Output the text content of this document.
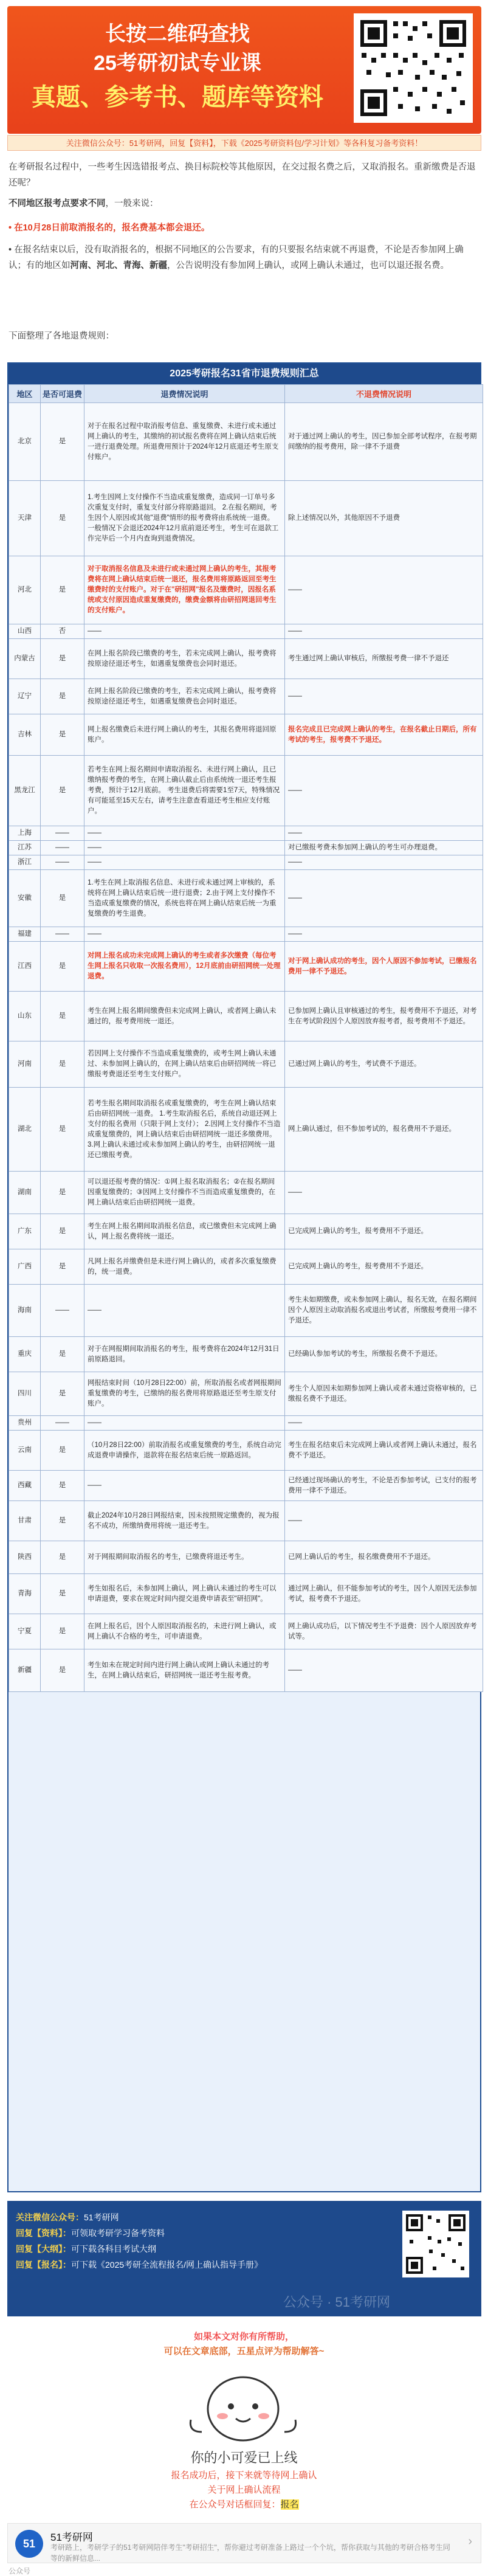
长按二维码查找
25考研初试专业课
真题、参考书、题库等资料
关注微信公众号：51考研网，回复【资料】，下载《2025考研资料包/学习计划》等各科复习备考资料！

在考研报名过程中，一些考生因选错报考点、换目标院校等其他原因，在交过报名费之后，又取消报名。重新缴费是否退还呢？

不同地区报考点要求不同，一般来说：

• 在10月28日前取消报名的，报名费基本都会退还。

• 在报名结束以后，没有取消报名的，根据不同地区的公告要求，有的只要报名结束就不再退费，不论是否参加网上确认；有的地区如河南、河北、青海、新疆，公告说明没有参加网上确认，或网上确认未通过，也可以退还报名费。

下面整理了各地退费规则：

2025考研报名31省市退费规则汇总
地区	是否可退费	退费情况说明	不退费情况说明
北京	是	对于在报名过程中取消报考信息、重复缴费、未进行或未通过网上确认的考生，其缴纳的初试报名费将在网上确认结束后统一进行退费处理。所退费用预计于2024年12月底退还考生原支付账户。	对于通过网上确认的考生，因已参加全部考试程序，在报考期间缴纳的报考费用，除一律不予退费
天津	是	1.考生因网上支付操作不当造成重复缴费，造成同一订单号多次重复支付时，重复支付部分将原路退回。 2.在报名期间，考生因个人原因或其他"退费"情形的报考费将由系统统一退费。 一般情况下会退还2024年12月底前退还考生，考生可在退款工作完毕后一个月内查询到退费情况。	除上述情况以外，其他原因不予退费
河北	是	对于取消报名信息及未进行或未通过网上确认的考生，其报考费将在网上确认结束后统一退还，报名费用将原路返回至考生缴费时的支付账户。对于在"研招网"报名及缴费时，因报名系统或支付原因造成重复缴费的，缴费金额将由研招网退回考生的支付账户。	——
山西	否	——	——
内蒙古	是	在网上报名阶段已缴费的考生，若未完成网上确认，报考费将按原途径退还考生，如遇重复缴费也会同时退还。	考生通过网上确认审核后，所缴报考费一律不予退还
辽宁	是	在网上报名阶段已缴费的考生，若未完成网上确认，报考费将按原途径退还考生，如遇重复缴费也会同时退还。	——
吉林	是	网上报名缴费后未进行网上确认的考生，其报名费用将退回原账户。	报名完成且已完成网上确认的考生，在报名截止日期后，所有考试的考生，报考费不予退还。
黑龙江	是	若考生在网上报名期间申请取消报名、未进行网上确认，且已缴纳报考费的考生，在网上确认截止后由系统统一退还考生报考费，预计于12月底前。 考生退费后将需要1至7天，特殊情况有可能延至15天左右，请考生注意查看退还考生相应支付账户。	——
上海	——	——	——
江苏	——	——	对已缴报考费未参加网上确认的考生可办理退费。
浙江	——	——	——
安徽	是	1.考生在网上取消报名信息、未进行或未通过网上审核的，系统将在网上确认结束后统一进行退费；2.由于网上支付操作不当造成重复缴费的情况，系统也将在网上确认结束后统一为重复缴费的考生退费。	——
福建	——	——	——
江西	是	对网上报名成功未完成网上确认的考生或者多次缴费（每位考生网上报名只收取一次报名费用），12月底前由研招网统一处理退费。	对于网上确认成功的考生，因个人原因不参加考试，已缴报名费用一律不予退还。
山东	是	考生在网上报名期间缴费但未完成网上确认，或者网上确认未通过的，报考费用统一退还。	已参加网上确认且审核通过的考生，报考费用不予退还，对考生在考试阶段因个人原因放弃报考者，报考费用不予退还。
河南	是	若因网上支付操作不当造成重复缴费的，或考生网上确认未通过、未参加网上确认的，在网上确认结束后由研招网统一将已缴报考费退还至考生支付账户。	已通过网上确认的考生，考试费不予退还。
湖北	是	若考生报名期间取消报名或重复缴费的，考生在网上确认结束后由研招网统一退费。 1.考生取消报名后，系统自动退还网上支付的报名费用（只限于网上支付）； 2.因网上支付操作不当造成重复缴费的，网上确认结束后由研招网统一退还多缴费用。 3.网上确认未通过或未参加网上确认的考生，由研招网统一退还已缴报考费。	网上确认通过，但不参加考试的，报名费用不予退还。
湖南	是	可以退还报考费的情况：①网上报名取消报名；②在报名期间因重复缴费的；③因网上支付操作不当而造成重复缴费的，在网上确认结束后由研招网统一退费。	——
广东	是	考生在网上报名期间取消报名信息，或已缴费但未完成网上确认，网上报名费将统一退还。	已完成网上确认的考生，报考费用不予退还。
广西	是	凡网上报名并缴费但是未进行网上确认的，或者多次重复缴费的，统一退费。	已完成网上确认的考生，报考费用不予退还。
海南	——	——	考生未如期缴费，或未参加网上确认，报名无效，在报名期间因个人原因主动取消报名或退出考试者，所缴报考费用一律不予退还。
重庆	是	对于在网报期间取消报名的考生，报考费将在2024年12月31日前原路退回。	已经确认参加考试的考生，所缴报名费不予退还。
四川	是	网报结束时间（10月28日22:00）前，所取消报名或者网报期间重复缴费的考生，已缴纳的报名费用将原路退还至考生原支付账户。	考生个人原因未如期参加网上确认或者未通过资格审核的，已缴报名费不予退还。
贵州	——	——	——
云南	是	（10月28日22:00）前取消报名或重复缴费的考生，系统自动完成退费申请操作，退款将在报名结束后统一原路返回。	考生在报名结束后未完成网上确认或者网上确认未通过，报名费不予退还。
西藏	是	——	已经通过现场确认的考生，不论是否参加考试，已支付的报考费用一律不予退还。
甘肃	是	截止2024年10月28日网报结束，因未按照规定缴费的，视为报名不成功，所缴纳费用将统一退还考生。	——
陕西	是	对于网报期间取消报名的考生，已缴费将退还考生。	已网上确认后的考生，报名缴费费用不予退还。
青海	是	考生如报名后，未参加网上确认，网上确认未通过的考生可以申请退费，要求在规定时间内提交退费申请表至"研招网"。	通过网上确认，但不能参加考试的考生，因个人原因无法参加考试，报考费不予退还。
宁夏	是	在网上报名后，因个人原因取消报名的，未进行网上确认，或网上确认不合格的考生，可申请退费。	网上确认成功后，以下情况考生不予退费：因个人原因放弃考试等。
新疆	是	考生如未在规定时间内进行网上确认或网上确认未通过的考生，在网上确认结束后，研招网统一退还考生报考费。	——
关注微信公众号：51考研网
回复【资料】：可领取考研学习备考资料
回复【大纲】：可下载各科目考试大纲
回复【报名】：可下载《2025考研全流程报名/网上确认指导手册》
公众号 · 51考研网
如果本文对你有所帮助，
可以在文章底部，五星点评为帮助解答~
你的小可爱已上线
报名成功后，接下来就等待网上确认
关于网上确认流程
在公众号对话框回复：报名
51
51考研网
考研路上，考研学子的51考研网陪伴考生"考研招生"，帮你避过考研准备上路过一个个坑，帮你获取与其他的考研合格考生同等的新鲜信息...
›
公众号
